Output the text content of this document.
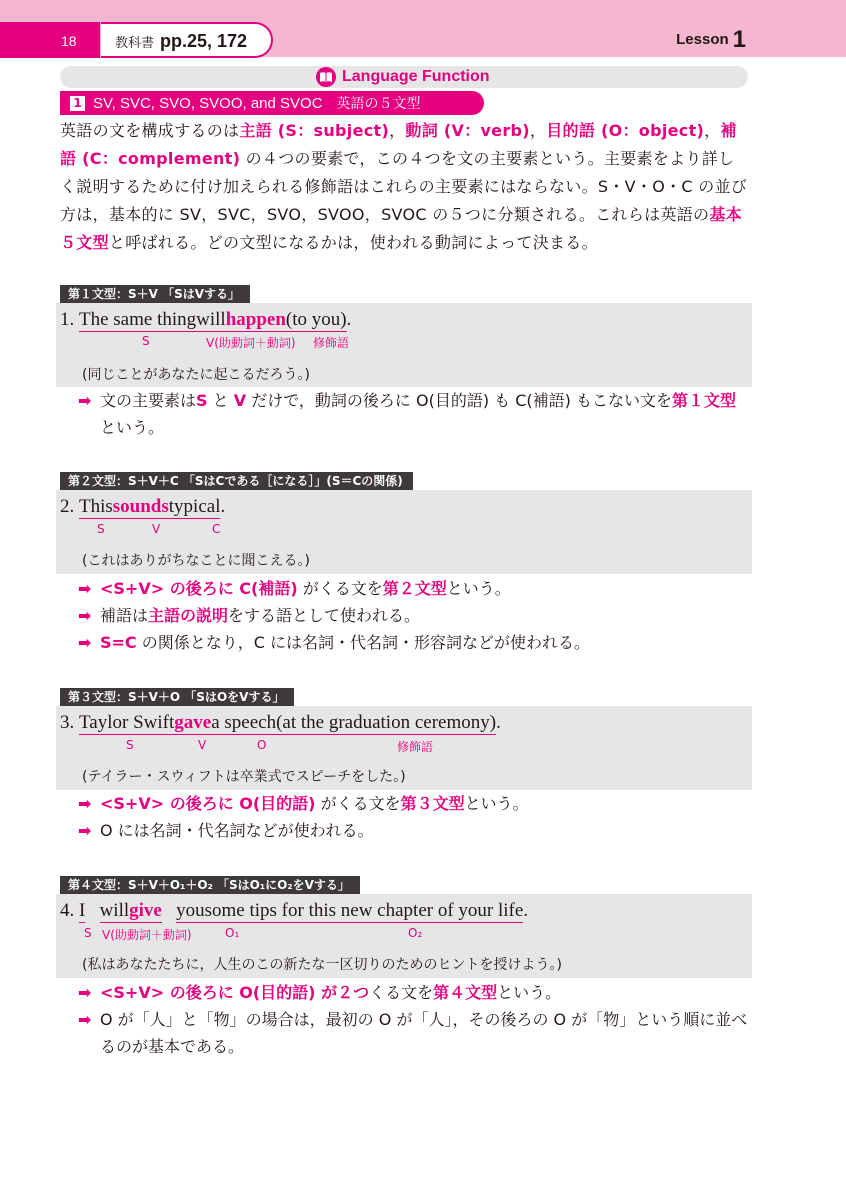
18	教科書 pp.25, 172	Lesson 1
Language Function
1 SV, SVC, SVO, SVOO, and SVOC 英語の５文型
英語の文を構成するのは主語 (S：subject)，動詞 (V：verb)，目的語 (O：object)，補語 (C：complement) の４つの要素で，この４つを文の主要素という。主要素をより詳しく説明するために付け加えられる修飾語はこれらの主要素にはならない。S・V・O・C の並び方は，基本的に SV，SVC，SVO，SVOO，SVOC の５つに分類される。これらは英語の基本５文型と呼ばれる。どの文型になるかは，使われる動詞によって決まる。
第１文型：S＋V 「SはVする」
1. The same thingwillhappen(to you).
S	V(助動詞＋動詞) 修飾語
(同じことがあなたに起こるだろう。)
➡ 文の主要素はS と V だけで，動詞の後ろに O(目的語) も C(補語) もこない文を第１文型という。
第２文型：S＋V＋C 「SはCである［になる］」(S＝Cの関係)
2. Thissoundstypical.
S	V	C
(これはありがちなことに聞こえる。)
➡ <S+V> の後ろに C(補語) がくる文を第２文型という。
➡ 補語は主語の説明をする語として使われる。
➡ S=C の関係となり，C には名詞・代名詞・形容詞などが使われる。
第３文型：S＋V＋O 「SはOをVする」
3. Taylor Swiftgavea speech(at the graduation ceremony).
S	V	O	修飾語
(テイラー・スウィフトは卒業式でスピーチをした。)
➡ <S+V> の後ろに O(目的語) がくる文を第３文型という。
➡ O には名詞・代名詞などが使われる。
第４文型：S＋V＋O₁＋O₂ 「SはO₁にO₂をVする」
4. I willgive yousome tips for this new chapter of your life.
S V(助動詞＋動詞)	O₁	O₂
(私はあなたたちに，人生のこの新たな一区切りのためのヒントを授けよう。)
➡ <S+V> の後ろに O(目的語) が２つくる文を第４文型という。
➡ O が「人」と「物」の場合は，最初の O が「人」，その後ろの O が「物」という順に並べるのが基本である。
